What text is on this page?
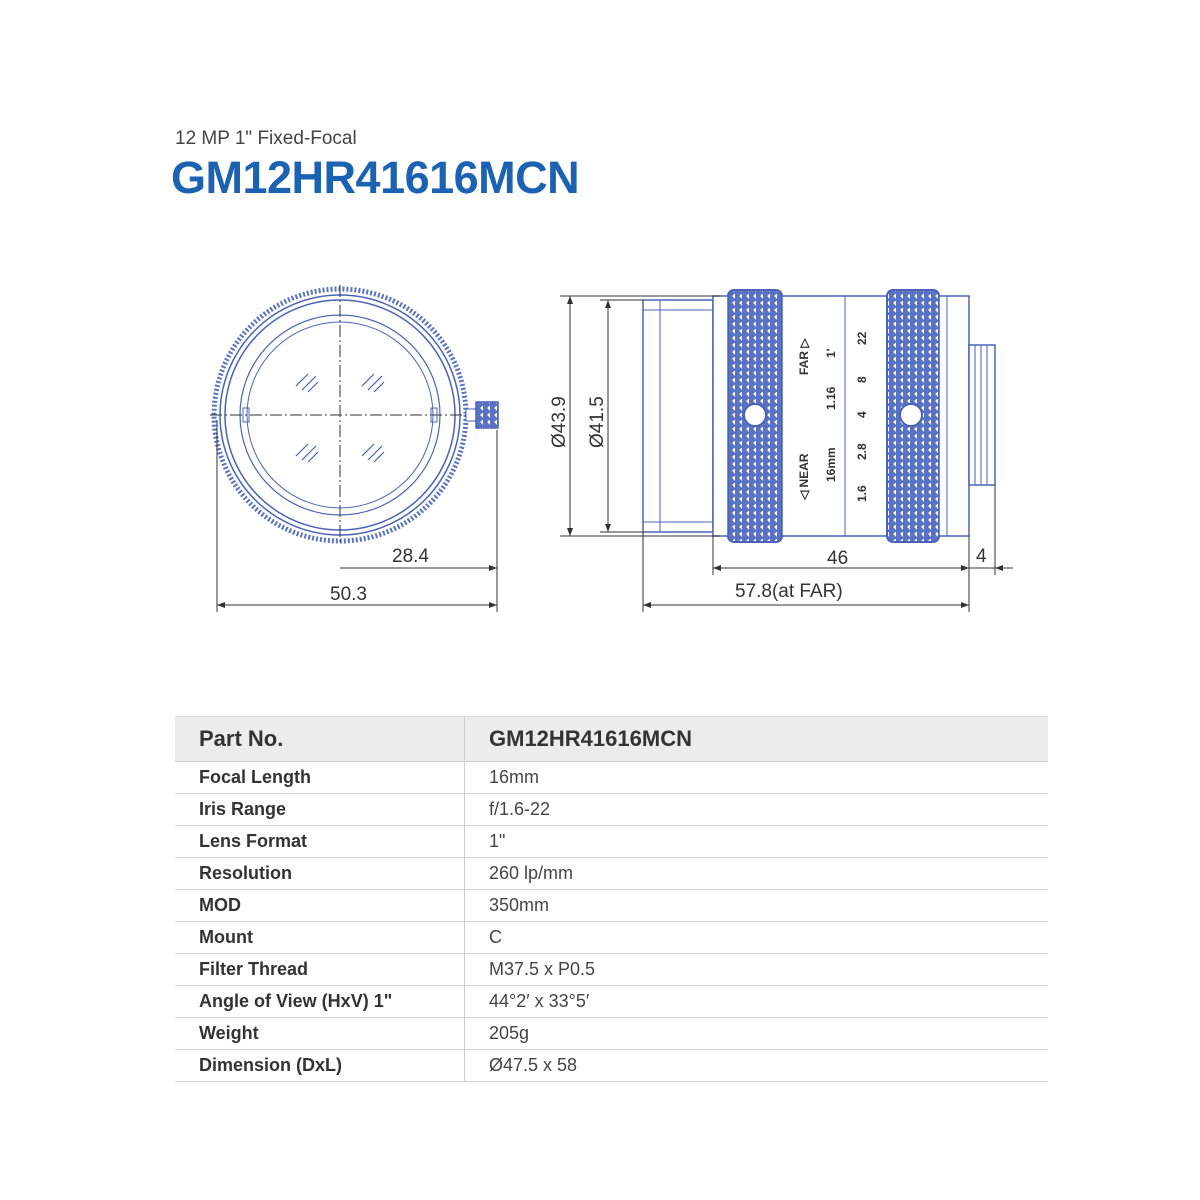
12 MP 1" Fixed-Focal
GM12HR41616MCN
28.4
50.3
FAR ▷
◁ NEAR 16mm
1'
1.16
22
8
4
2.8
1.6
Ø43.9 Ø41.5
46	4
57.8(at FAR)
Part No.	GM12HR41616MCN
Focal Length	16mm
Iris Range	f/1.6-22
Lens Format	1"
Resolution	260 lp/mm
MOD	350mm
Mount	C
Filter Thread	M37.5 x P0.5
Angle of View (HxV) 1"	44°2′ x 33°5′
Weight	205g
Dimension (DxL)	Ø47.5 x 58
